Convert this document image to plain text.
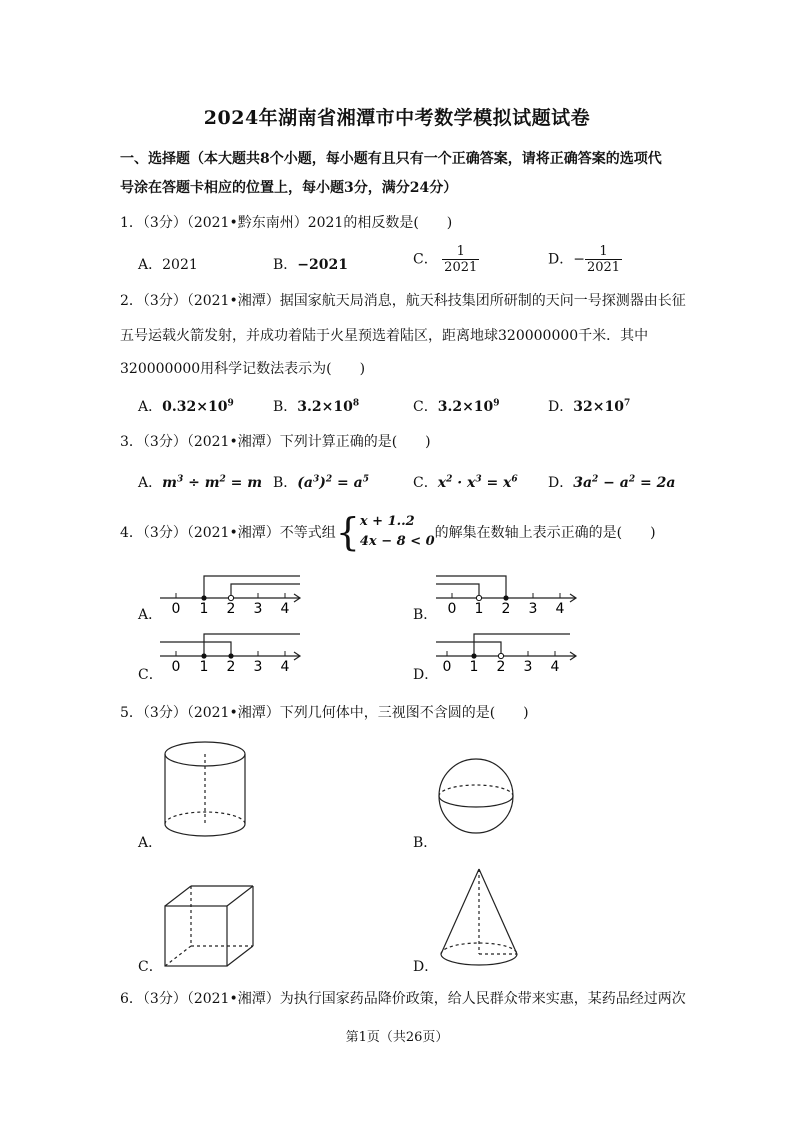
2024年湖南省湘潭市中考数学模拟试题试卷
一、选择题（本大题共8个小题，每小题有且只有一个正确答案，请将正确答案的选项代
号涂在答题卡相应的位置上，每小题3分，满分24分）
1．（3分）（2021•黔东南州）2021的相反数是(　　)
A．2021	B．−2021	C． $\frac{1}{2021}$	D．− $\frac{1}{2021}$
2．（3分）（2021•湘潭）据国家航天局消息，航天科技集团所研制的天问一号探测器由长征
五号运载火箭发射，并成功着陆于火星预选着陆区，距离地球320000000千米．其中
320000000用科学记数法表示为(　　)
A．$0.32\times 10^9$	B．$3.2\times 10^8$	C．$3.2\times 10^9$	D．$32\times 10^7$
3．（3分）（2021•湘潭）下列计算正确的是(　　)
A．$m^3 \div m^2 = m$ B．$(a^3)^2 = a^5$	C．$x^2 \cdot x^3 = x^6$ D．$3a^2 - a^2 = 2a$
4．（3分）（2021•湘潭）不等式组{ x + 1..2
4x − 8 < 0
的解集在数轴上表示正确的是(　　)
0 1 2 3 4	0 1 2 3 4
0 1 2 3 4	0 1 2 3 4
A．	B．
C．	D．
5．（3分）（2021•湘潭）下列几何体中，三视图不含圆的是(　　)
A．	B．
C．	D．
6．（3分）（2021•湘潭）为执行国家药品降价政策，给人民群众带来实惠，某药品经过两次
第1页（共26页）
